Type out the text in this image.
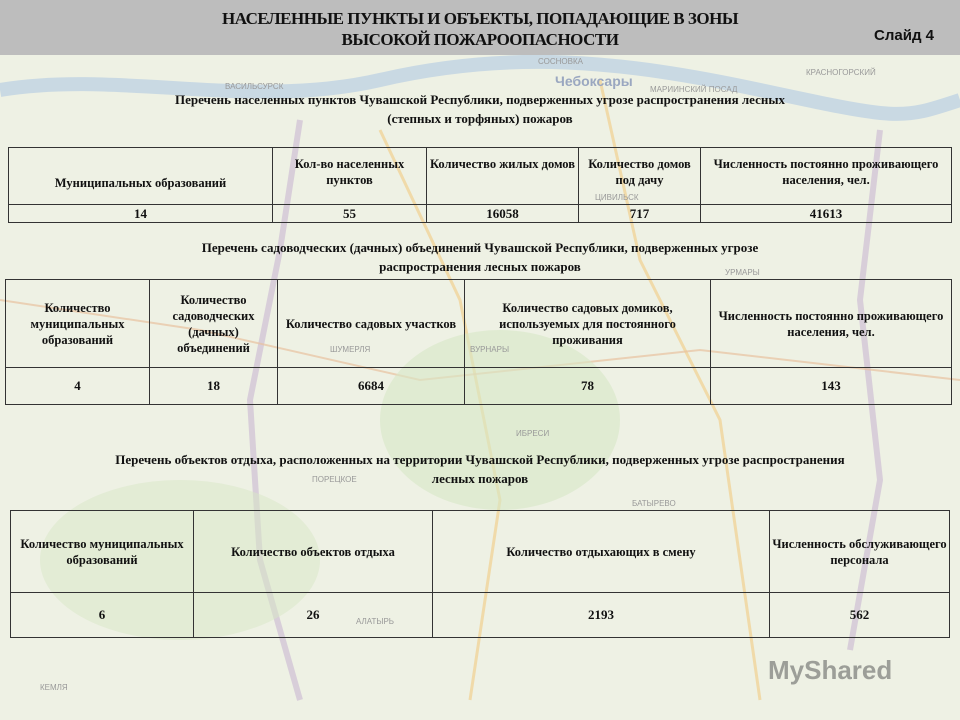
Чебоксары
СОСНОВКА
ВАСИЛЬСУРСК
КРАСНОГОРСКИЙ
МАРИИНСКИЙ ПОСАД
ШУМЕРЛЯ	ВУРНАРЫ
ИБРЕСИ
ПОРЕЦКОЕ
АЛАТЫРЬ
БАТЫРЕВО
КЕМЛЯ
УРМАРЫ
ЦИВИЛЬСК
НАСЕЛЕННЫЕ ПУНКТЫ И ОБЪЕКТЫ, ПОПАДАЮЩИЕ В ЗОНЫ
ВЫСОКОЙ ПОЖАРООПАСНОСТИ	Слайд 4
Перечень населенных пунктов Чувашской Республики, подверженных угрозе распространения лесных
(степных и торфяных) пожаров
Муниципальных образований	Кол-во населенных пунктов	Количество жилых домов	Количество домов под дачу	Численность постоянно проживающего населения, чел.
14	55	16058	717	41613
Перечень садоводческих (дачных) объединений Чувашской Республики, подверженных угрозе
распространения лесных пожаров
Количество муниципальных образований	Количество садоводческих (дачных) объединений	Количество садовых участков	Количество садовых домиков, используемых для постоянного проживания	Численность постоянно проживающего населения, чел.
4	18	6684	78	143
Перечень объектов отдыха, расположенных на территории Чувашской Республики, подверженных угрозе распространения
лесных пожаров
Количество муниципальных образований	Количество объектов отдыха	Количество отдыхающих в смену	Численность обслуживающего персонала
6	26	2193	562
MyShared
